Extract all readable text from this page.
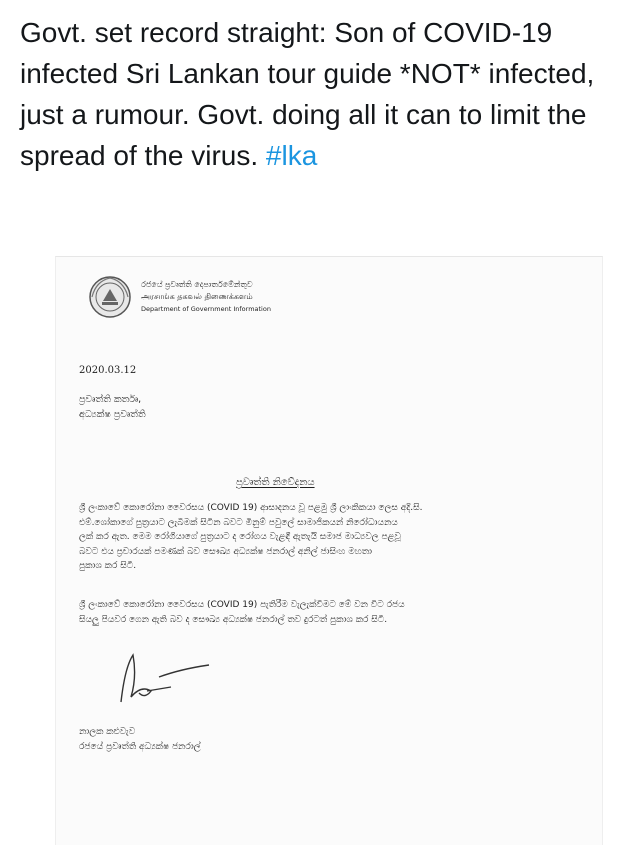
Govt. set record straight: Son of COVID-19 infected Sri Lankan tour guide *NOT* infected, just a rumour. Govt. doing all it can to limit the spread of the virus. #lka
රජයේ ප්‍රවෘත්ති දෙපාර්තමේන්තුව
அரசாங்க தகவல் திணைக்களம்
Department of Government Information
2020.03.12
ප්‍රවෘත්ති කර්තෘ,
අධ්‍යක්ෂ ප්‍රවෘත්ති
ප්‍රවෘත්ති නිවේදනය
ශ්‍රී ලංකාවේ කොරෝනා වෛරසය (COVID 19) ආසාදනය වූ පළමු ශ්‍රී ලාංකිකයා ලෙස අදි.සි.
එම්.ශෝකාගේ පුත්‍රයාට ලැබීමක් සිටින බවට මිනුම් පවුලේ සාමාජිකයන් නිරෝධායනය
ලක් කර ඇත. මෙම රෝගියාගේ පුත්‍රයාට ද රෝගය වැළඳී ඇතැයි සමාජ මාධ්‍යවල පළවූ
බවට එය ප්‍රචාරයක් පමණක් බව සෞඛ්‍ය අධ්‍යක්ෂ ජනරාල් අනිල් ජාසිංහ මහතා
පුකාශ කර සිටී.
ශ්‍රී ලංකාවේ කොරෝනා වෛරසය (COVID 19) පැතිරීම වැලැක්වීමට මේ වන විට රජය
සියලු පියවර ගෙන ඇති බව ද සෞඛ්‍ය අධ්‍යක්ෂ ජනරාල් තව දුරටත් පුකාශ කර සිටී.
නාලක කළුවැව
රජයේ ප්‍රවෘත්ති අධ්‍යක්ෂ ජනරාල්
